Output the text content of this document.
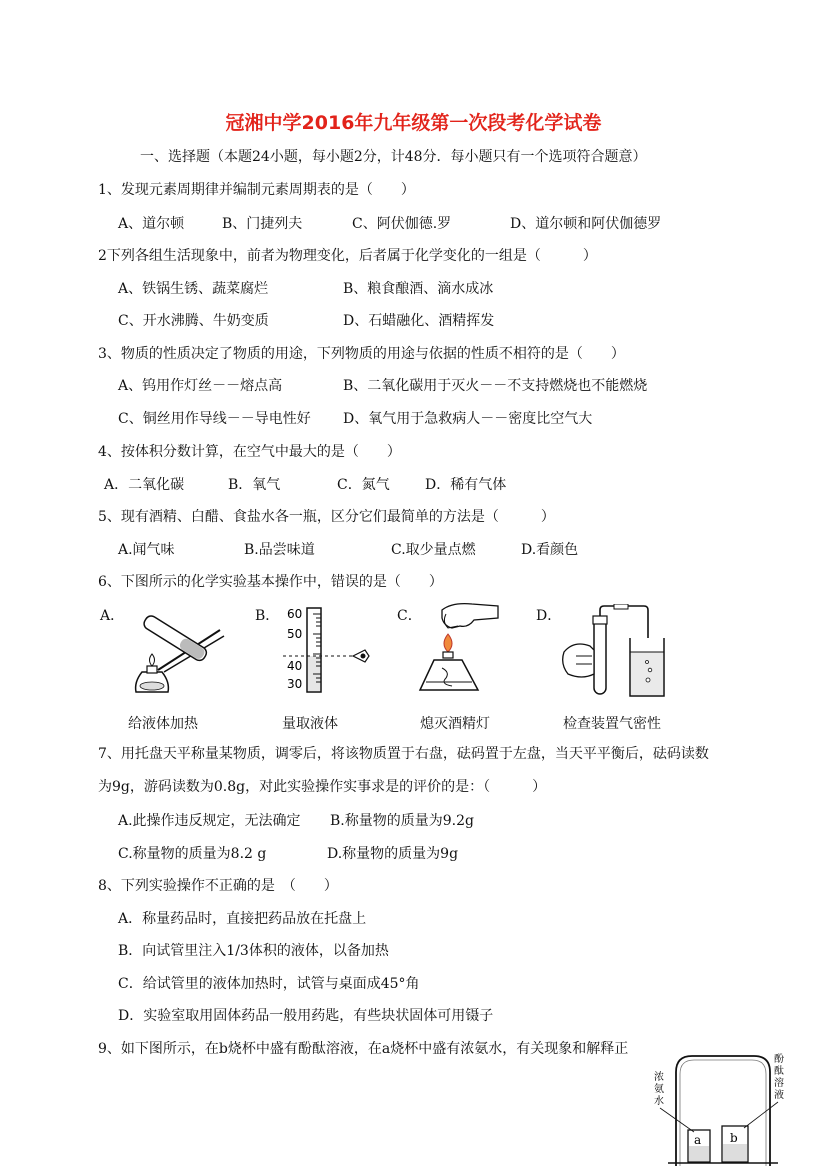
冠湘中学2016年九年级第一次段考化学试卷
一、选择题（本题24小题，每小题2分，计48分．每小题只有一个选项符合题意）
1、发现元素周期律并编制元素周期表的是（　　）
A、道尔顿	B、门捷列夫	C、阿伏伽德.罗	D、道尔顿和阿伏伽德罗
2下列各组生活现象中，前者为物理变化，后者属于化学变化的一组是（　　　）
A、铁锅生锈、蔬菜腐烂	B、粮食酿酒、滴水成冰
C、开水沸腾、牛奶变质	D、石蜡融化、酒精挥发
3、物质的性质决定了物质的用途，下列物质的用途与依据的性质不相符的是（　　）
A、钨用作灯丝－－熔点高	B、二氧化碳用于灭火－－不支持燃烧也不能燃烧
C、铜丝用作导线－－导电性好 D、氧气用于急救病人－－密度比空气大
4、按体积分数计算，在空气中最大的是（　　）
A．二氧化碳	B．氧气	C．氮气	D．稀有气体
5、现有酒精、白醋、食盐水各一瓶，区分它们最简单的方法是（　　　）
A.闻气味	B.品尝味道	C.取少量点燃	D.看颜色
6、下图所示的化学实验基本操作中，错误的是（　　）
A．	B．	C．	D．
60
50
40
30
给液体加热	量取液体	熄灭酒精灯	检查装置气密性
7、用托盘天平称量某物质，调零后，将该物质置于右盘，砝码置于左盘，当天平平衡后，砝码读数
为9g，游码读数为0.8g，对此实验操作实事求是的评价的是：（　　　）
A.此操作违反规定，无法确定 B.称量物的质量为9.2g
C.称量物的质量为8.2 g	D.称量物的质量为9g
8、下列实验操作不正确的是　（　　）
A．称量药品时，直接把药品放在托盘上
B．向试管里注入1/3体积的液体，以备加热
C．给试管里的液体加热时，试管与桌面成45°角
D．实验室取用固体药品一般用药匙，有些块状固体可用镊子
9、如下图所示，在b烧杯中盛有酚酞溶液，在a烧杯中盛有浓氨水，有关现象和解释正
a b
浓
氨
水
酚
酞
溶
液
